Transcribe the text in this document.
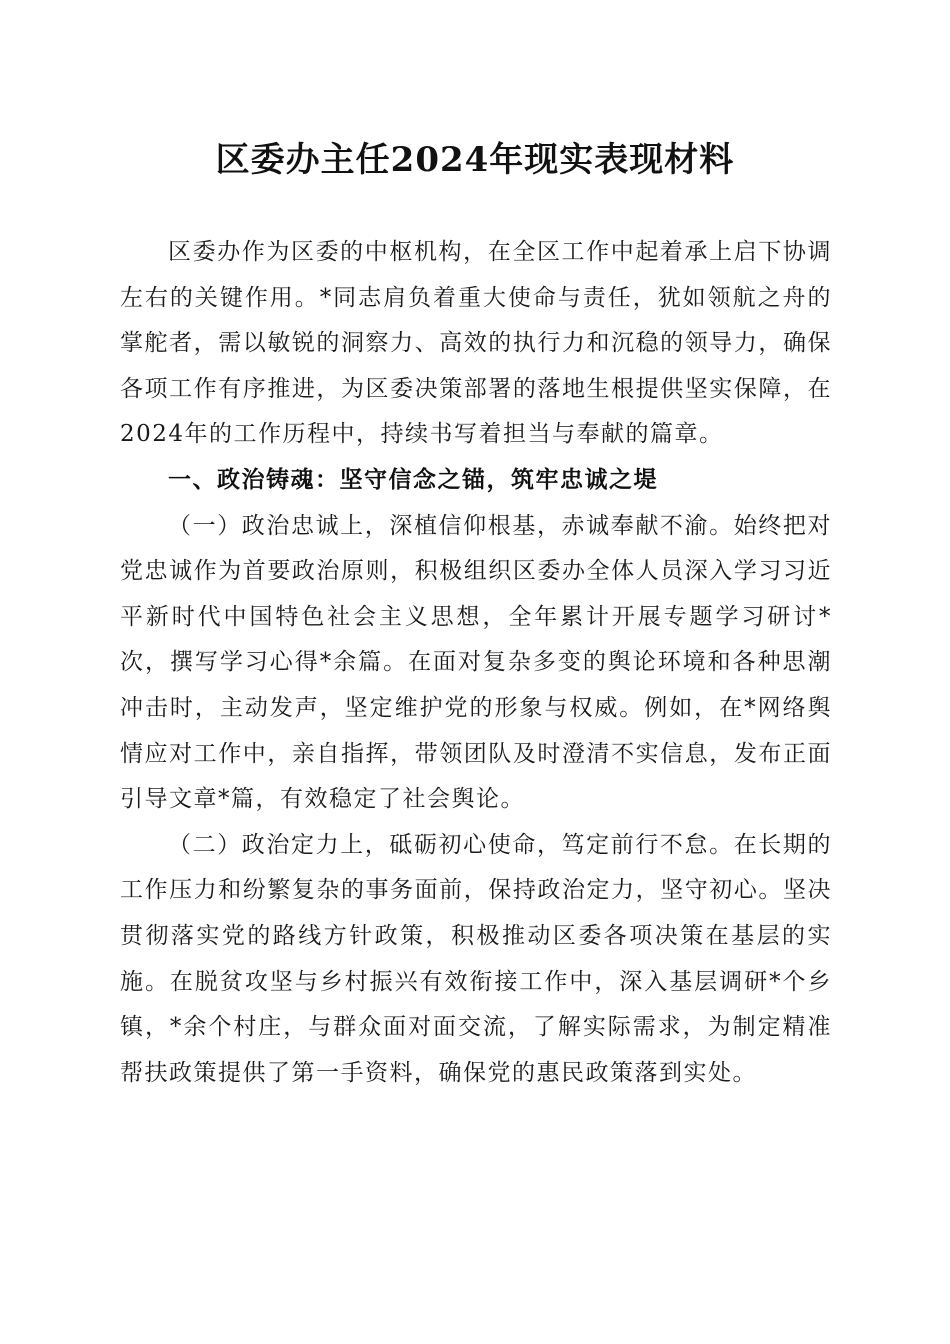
区委办主任2024年现实表现材料

区委办作为区委的中枢机构，在全区工作中起着承上启下协调左右的关键作用。*同志肩负着重大使命与责任，犹如领航之舟的掌舵者，需以敏锐的洞察力、高效的执行力和沉稳的领导力，确保各项工作有序推进，为区委决策部署的落地生根提供坚实保障，在2024年的工作历程中，持续书写着担当与奉献的篇章。

一、政治铸魂：坚守信念之锚，筑牢忠诚之堤

（一）政治忠诚上，深植信仰根基，赤诚奉献不渝。始终把对党忠诚作为首要政治原则，积极组织区委办全体人员深入学习习近平新时代中国特色社会主义思想，全年累计开展专题学习研讨*次，撰写学习心得*余篇。在面对复杂多变的舆论环境和各种思潮冲击时，主动发声，坚定维护党的形象与权威。例如，在*网络舆情应对工作中，亲自指挥，带领团队及时澄清不实信息，发布正面引导文章*篇，有效稳定了社会舆论。

（二）政治定力上，砥砺初心使命，笃定前行不怠。在长期的工作压力和纷繁复杂的事务面前，保持政治定力，坚守初心。坚决贯彻落实党的路线方针政策，积极推动区委各项决策在基层的实施。在脱贫攻坚与乡村振兴有效衔接工作中，深入基层调研*个乡镇，*余个村庄，与群众面对面交流，了解实际需求，为制定精准帮扶政策提供了第一手资料，确保党的惠民政策落到实处。
